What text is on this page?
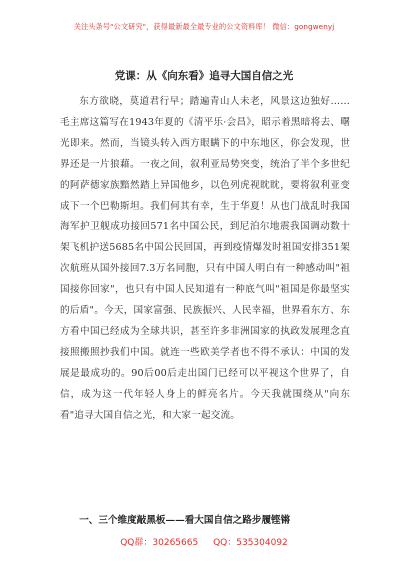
关注头条号"公文研究"，获得最新最全最专业的公文资料库！ 微信：gongwenyj
党课：从《向东看》追寻大国自信之光
东方欲晓，莫道君行早；踏遍青山人未老，风景这边独好……毛主席这篇写在1943年夏的《清平乐·会昌》，昭示着黑暗将去、曙光即来。然而，当镜头转入西方眼瞒下的中东地区，你会发现，世界还是一片狼藉。一夜之间，叙利亚局势突变，统治了半个多世纪的阿萨德家族黯然踏上异国他乡，以色列虎视眈眈，要将叙利亚变成下一个巴勒斯坦。我们何其有幸，生于华夏！从也门战乱时我国海军护卫舰成功接回571名中国公民，到尼泊尔地震我国调动数十架飞机护送5685名中国公民回国，再到疫情爆发时祖国安排351架次航班从国外接回7.3万名同胞，只有中国人明白有一种感动叫"祖国接你回家"，也只有中国人民知道有一种底气叫"祖国是你最坚实的后盾"。今天，国家富强、民族振兴、人民幸福，世界看东方、东方看中国已经成为全球共识，甚至许多非洲国家的执政发展理念直接照搬照抄我们中国。就连一些欧美学者也不得不承认：中国的发展是最成功的。90后00后走出国门已经可以平视这个世界了，自信，成为这一代年轻人身上的鲜亮名片。今天我就围绕从"向东看"追寻大国自信之光，和大家一起交流。
一、三个维度敲黑板——看大国自信之路步履铿锵
QQ群：30265665 QQ：535304092
